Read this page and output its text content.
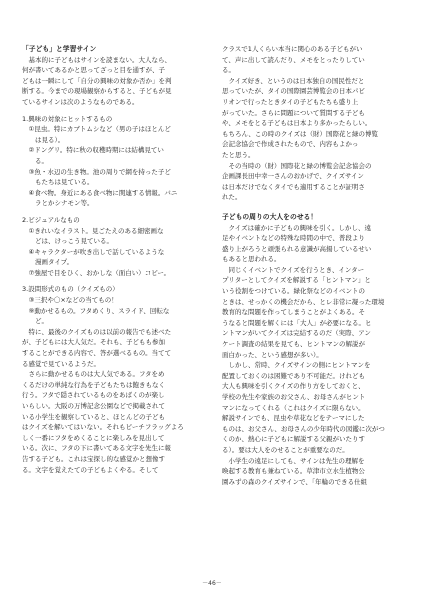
「子ども」と学習サイン
　基本的に子どもはサインを読まない。大人なら、
何が書いてあるかと思ってざっと目を通すが、子
どもは一瞬にして「自分の興味の対象か否か」を判
断する。今までの現場観察からすると、子どもが見
ているサインは次のようなものである。
1.興味の対象にヒットするもの
　①昆虫。特にカブトムシなど（男の子はほとんど
　　は見る）。
　②ドングリ。特に秋の収穫時期には結構見てい
　　る。
　③魚・水辺の生き物。池の周りで網を持った子ど
　　もたちは見ている。
　④食べ物。身近にある食べ物に関連する情報。バニ
　　ラとかシナモン等。
2.ビジュアルなもの
　①きれいなイラスト。見ごたえのある細密画な
　　どは、けっこう見ている。
　④キャラクターが吹き出しで話しているような
　　漫画タイプ。
　⑦強屋で目をひく、おかしな（面白い）コピー。
3.設問形式のもの（クイズもの）
　③三択や〇×などの当てもの！
　⑨動かせるもの。フタめくり、スライド、回転な
　　ど。
　特に、最後のクイズものは以前の報告でも述べた
が、子どもには大人気だ。それも、子どもも参加
することができる内容で、答が選べるもの。当てて
る感覚で見ているようだ。
　さらに動かせるものは大人気である。フタをめ
くるだけの単純な行為を子どもたちは飽きもなく
行う。フタで隠されているものをあばくのが楽し
いらしい。大阪の万博記念公園などで掲載されて
いる小学生を観察していると、ほとんどの子ども
はクイズを解いてはいない。それもピーチフラッグよろ
しく一番にフタをめくることに楽しみを見出して
いる。次に、フタの下に書いてある文字を先生に報
告する子ども。これは宝探し的な感覚かと想像す
る。文字を覚えたての子どもよくやる。そして
クラスで1人くらい本当に関心のある子どもがい
て、声に出して読んだり、メモをとったりしてい
る。
　クイズ好き、というのは日本独自の国民性だと
思っていたが、タイの国際園芸博覧会の日本パビ
リオンで行ったときタイの子どもたちも盛り上
がっていた。さらに問題について質問する子ども
や、メモをとる子どもは日本より多かったらしい。
もちろん、この時のクイズは（財）国際花と緑の博覧
会記念協会で作成されたもので、内容もよかっ
たと思う。
　その当時の（財）国際花と緑の博覧会記念協会の
企画課長田中幸一さんのおかげで、クイズサイン
は日本だけでなくタイでも適用することが証明さ
れた。
子どもの周りの大人をのせる！
　クイズは確かに子どもの興味を引く。しかし、遠
足やイベントなどの特殊な時間の中で、普段より
盛り上がろうと頑張られる意識が高揚しているせい
もあると思われる。
　同じくイベントでクイズを行うとき、インター
プリターとしてクイズを解説する「ヒントマン」と
いう役割をつけている。緑化祭などのイベントの
ときは、せっかくの機会だから、とレ非常に凝った環境
教育的な問題を作ってしまうことがよくある。そ
うなると問題を解くには「大人」が必要になる。ヒ
ントマンがいてクイズは完結するのだ（実際、アン
ケート調査の結果を見ても、ヒントマンの解説が
面白かった、という感想が多い）。
　しかし、常時、クイズサインの側にヒントマンを
配置しておくのは困難であり不可能だ。けれども
大人も興味を引くクイズの作り方をしておくと、
学校の先生や家族のお父さん、お母さんがヒント
マンになってくれる（これはクイズに限らない。
解説サインでも、昆虫や草花などをテーマにした
ものは、お父さん、お母さんの少年時代の図鑑に次がつ
くのか、熱心に子どもに解説する父親がいたりす
る）。要は大人をのせることが重要なのだ。
　小学生の遠足にしても、サインは先生の理解を
喚起する教育も兼ねている。草津市立水生植物公
園みずの森のクイズサインで、「年輪のできる仕組
－46－
